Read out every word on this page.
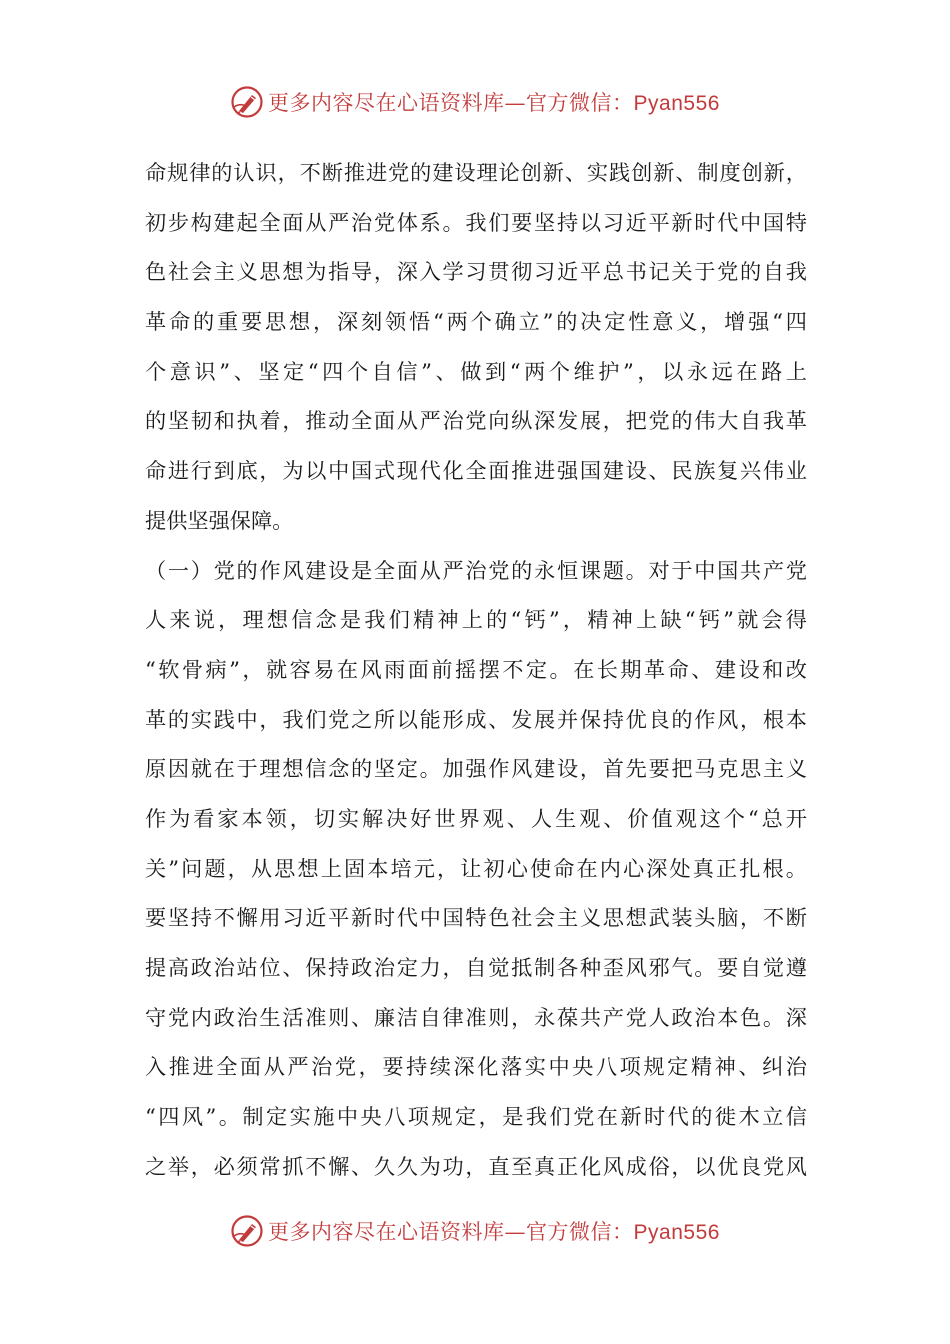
更多内容尽在心语资料库—官方微信：Pyan556
命规律的认识，不断推进党的建设理论创新、实践创新、制度创新，
初步构建起全面从严治党体系。我们要坚持以习近平新时代中国特
色社会主义思想为指导，深入学习贯彻习近平总书记关于党的自我
革命的重要思想，深刻领悟“两个确立”的决定性意义，增强“四
个意识”、坚定“四个自信”、做到“两个维护”，以永远在路上
的坚韧和执着，推动全面从严治党向纵深发展，把党的伟大自我革
命进行到底，为以中国式现代化全面推进强国建设、民族复兴伟业
提供坚强保障。
（一）党的作风建设是全面从严治党的永恒课题。对于中国共产党
人来说，理想信念是我们精神上的“钙”，精神上缺“钙”就会得
“软骨病”，就容易在风雨面前摇摆不定。在长期革命、建设和改
革的实践中，我们党之所以能形成、发展并保持优良的作风，根本
原因就在于理想信念的坚定。加强作风建设，首先要把马克思主义
作为看家本领，切实解决好世界观、人生观、价值观这个“总开
关”问题，从思想上固本培元，让初心使命在内心深处真正扎根。
要坚持不懈用习近平新时代中国特色社会主义思想武装头脑，不断
提高政治站位、保持政治定力，自觉抵制各种歪风邪气。要自觉遵
守党内政治生活准则、廉洁自律准则，永葆共产党人政治本色。深
入推进全面从严治党，要持续深化落实中央八项规定精神、纠治
“四风”。制定实施中央八项规定，是我们党在新时代的徙木立信
之举，必须常抓不懈、久久为功，直至真正化风成俗，以优良党风
更多内容尽在心语资料库—官方微信：Pyan556
